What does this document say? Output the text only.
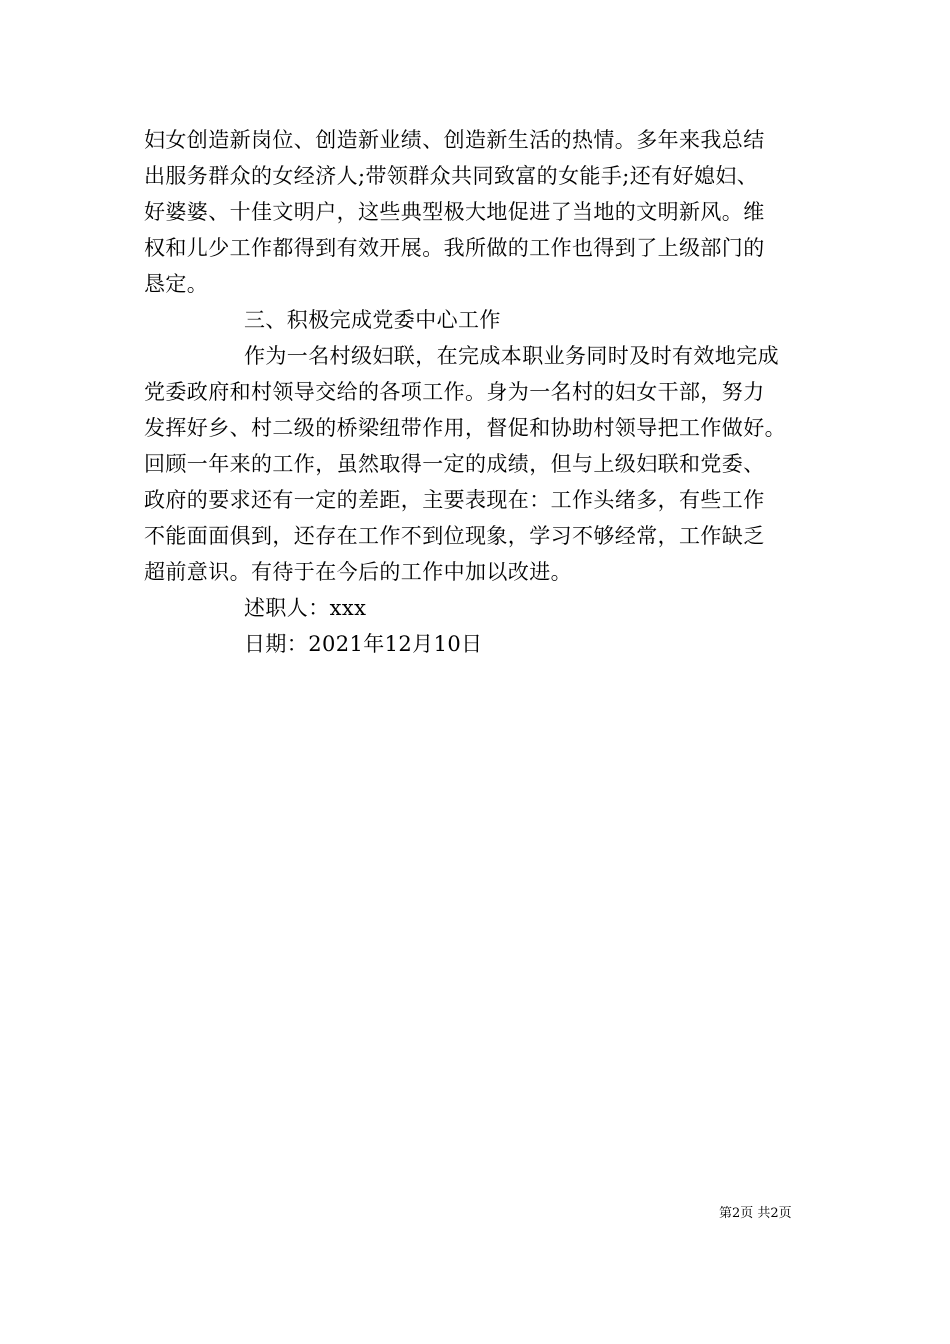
妇女创造新岗位、创造新业绩、创造新生活的热情。多年来我总结
出服务群众的女经济人;带领群众共同致富的女能手;还有好媳妇、
好婆婆、十佳文明户，这些典型极大地促进了当地的文明新风。维
权和儿少工作都得到有效开展。我所做的工作也得到了上级部门的
恳定。
三、积极完成党委中心工作
作为一名村级妇联，在完成本职业务同时及时有效地完成
党委政府和村领导交给的各项工作。身为一名村的妇女干部，努力
发挥好乡、村二级的桥梁纽带作用，督促和协助村领导把工作做好。
回顾一年来的工作，虽然取得一定的成绩，但与上级妇联和党委、
政府的要求还有一定的差距，主要表现在：工作头绪多，有些工作
不能面面俱到，还存在工作不到位现象，学习不够经常，工作缺乏
超前意识。有待于在今后的工作中加以改进。
述职人：xxx
日期：2021年12月10日
第2页 共2页
